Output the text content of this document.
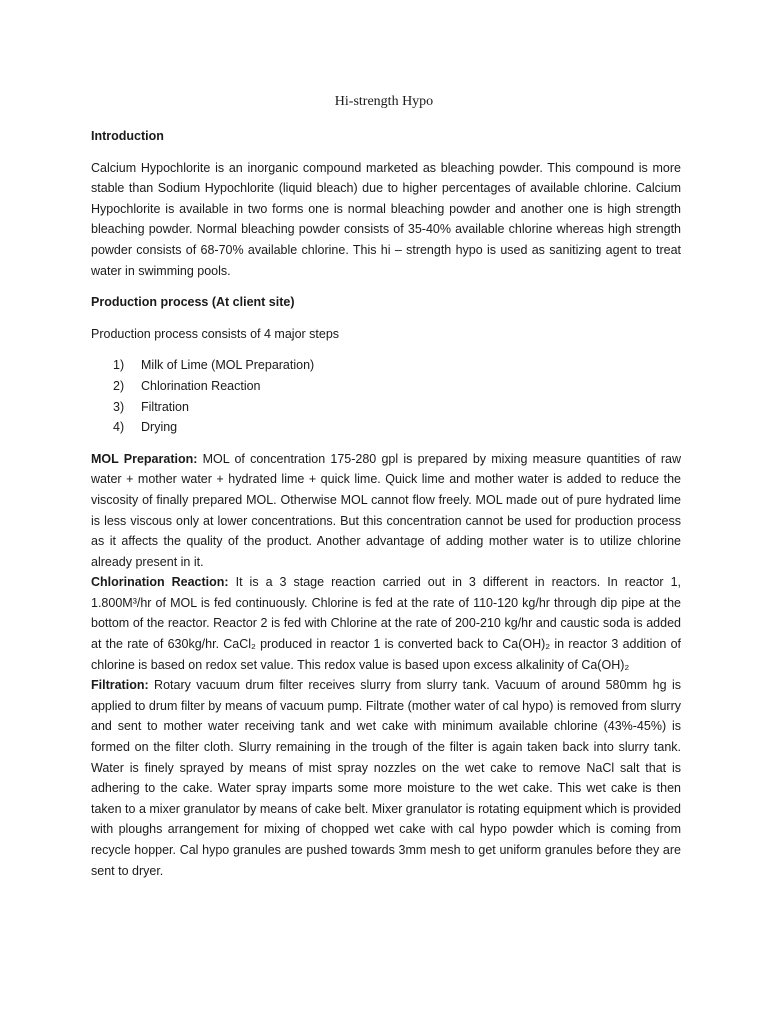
Hi-strength Hypo

Introduction

Calcium Hypochlorite is an inorganic compound marketed as bleaching powder. This compound is more stable than Sodium Hypochlorite (liquid bleach) due to higher percentages of available chlorine. Calcium Hypochlorite is available in two forms one is normal bleaching powder and another one is high strength bleaching powder. Normal bleaching powder consists of 35-40% available chlorine whereas high strength powder consists of 68-70% available chlorine. This hi – strength hypo is used as sanitizing agent to treat water in swimming pools.

Production process (At client site)

Production process consists of 4 major steps

1) Milk of Lime (MOL Preparation)
2) Chlorination Reaction
3) Filtration
4) Drying

MOL Preparation: MOL of concentration 175-280 gpl is prepared by mixing measure quantities of raw water + mother water + hydrated lime + quick lime. Quick lime and mother water is added to reduce the viscosity of finally prepared MOL. Otherwise MOL cannot flow freely. MOL made out of pure hydrated lime is less viscous only at lower concentrations. But this concentration cannot be used for production process as it affects the quality of the product. Another advantage of adding mother water is to utilize chlorine already present in it.

Chlorination Reaction: It is a 3 stage reaction carried out in 3 different in reactors. In reactor 1, 1.800M³/hr of MOL is fed continuously. Chlorine is fed at the rate of 110-120 kg/hr through dip pipe at the bottom of the reactor. Reactor 2 is fed with Chlorine at the rate of 200-210 kg/hr and caustic soda is added at the rate of 630kg/hr. CaCl₂ produced in reactor 1 is converted back to Ca(OH)₂ in reactor 3 addition of chlorine is based on redox set value. This redox value is based upon excess alkalinity of Ca(OH)₂

Filtration: Rotary vacuum drum filter receives slurry from slurry tank. Vacuum of around 580mm hg is applied to drum filter by means of vacuum pump. Filtrate (mother water of cal hypo) is removed from slurry and sent to mother water receiving tank and wet cake with minimum available chlorine (43%-45%) is formed on the filter cloth. Slurry remaining in the trough of the filter is again taken back into slurry tank. Water is finely sprayed by means of mist spray nozzles on the wet cake to remove NaCl salt that is adhering to the cake. Water spray imparts some more moisture to the wet cake. This wet cake is then taken to a mixer granulator by means of cake belt. Mixer granulator is rotating equipment which is provided with ploughs arrangement for mixing of chopped wet cake with cal hypo powder which is coming from recycle hopper. Cal hypo granules are pushed towards 3mm mesh to get uniform granules before they are sent to dryer.
